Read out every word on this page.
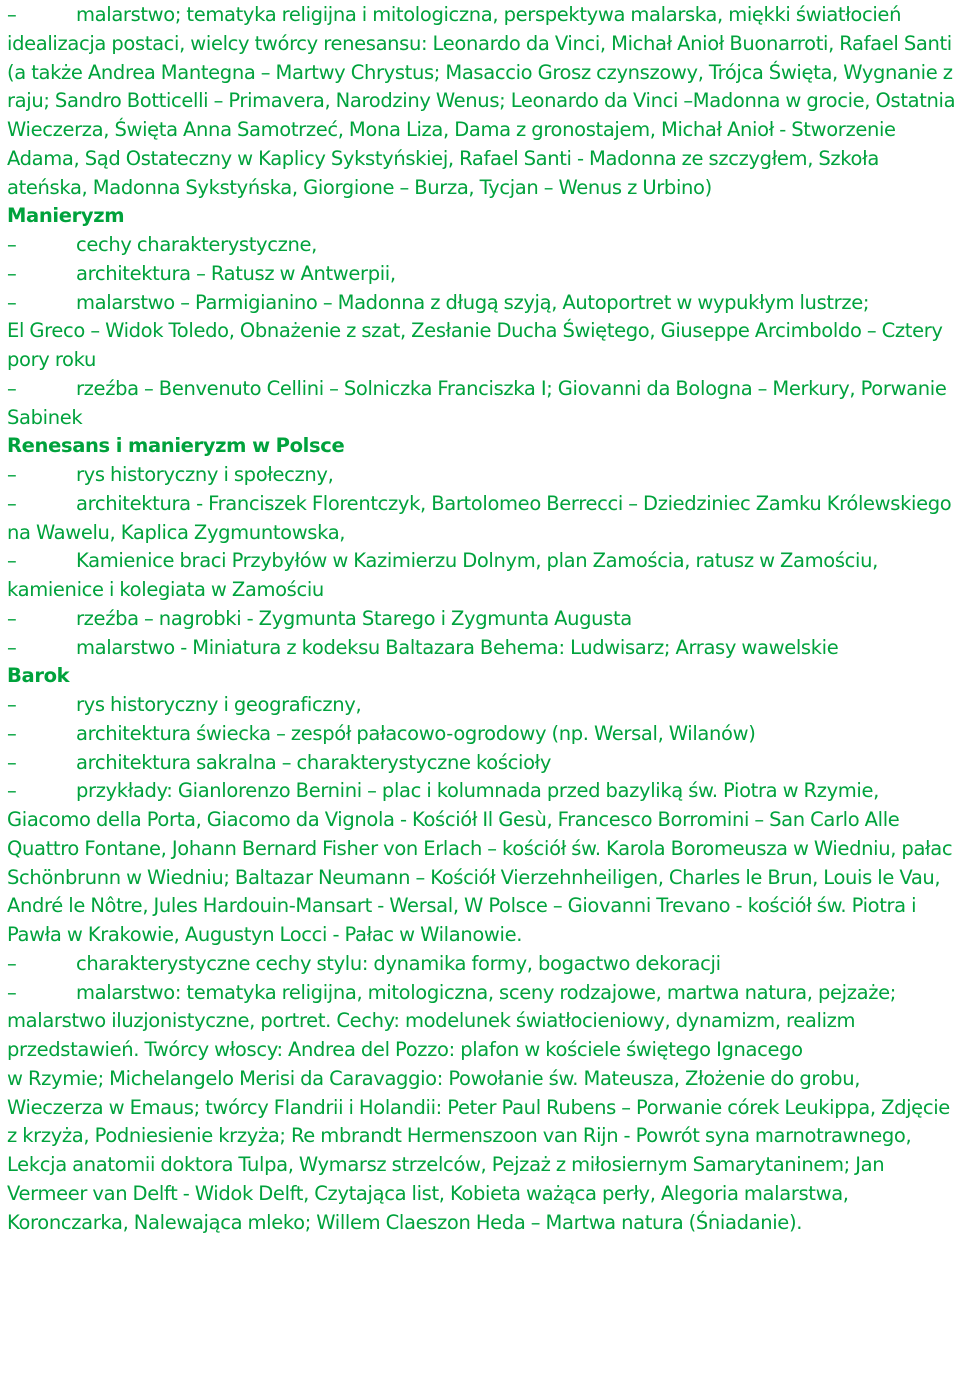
–	malarstwo; tematyka religijna i mitologiczna, perspektywa malarska, miękki światłocień idealizacja postaci, wielcy twórcy renesansu: Leonardo da Vinci, Michał Anioł Buonarroti, Rafael Santi (a także Andrea Mantegna – Martwy Chrystus; Masaccio Grosz czynszowy, Trójca Święta, Wygnanie z raju; Sandro Botticelli – Primavera, Narodziny Wenus; Leonardo da Vinci –Madonna w grocie, Ostatnia Wieczerza, Święta Anna Samotrzeć, Mona Liza, Dama z gronostajem, Michał Anioł - Stworzenie Adama, Sąd Ostateczny w Kaplicy Sykstyńskiej, Rafael Santi - Madonna ze szczygłem, Szkoła ateńska, Madonna Sykstyńska, Giorgione – Burza, Tycjan – Wenus z Urbino)
Manieryzm
–	cechy charakterystyczne,
–	architektura – Ratusz w Antwerpii,
–	malarstwo – Parmigianino – Madonna z długą szyją, Autoportret w wypukłym lustrze;
El Greco – Widok Toledo, Obnażenie z szat, Zesłanie Ducha Świętego, Giuseppe Arcimboldo – Cztery pory roku
–	rzeźba – Benvenuto Cellini – Solniczka Franciszka I; Giovanni da Bologna – Merkury, Porwanie Sabinek
Renesans i manieryzm w Polsce
–	rys historyczny i społeczny,
–	architektura - Franciszek Florentczyk, Bartolomeo Berrecci – Dziedziniec Zamku Królewskiego na Wawelu, Kaplica Zygmuntowska,
–	Kamienice braci Przybyłów w Kazimierzu Dolnym, plan Zamościa, ratusz w Zamościu, kamienice i kolegiata w Zamościu
–	rzeźba – nagrobki - Zygmunta Starego i Zygmunta Augusta
–	malarstwo - Miniatura z kodeksu Baltazara Behema: Ludwisarz; Arrasy wawelskie
Barok
–	rys historyczny i geograficzny,
–	architektura świecka – zespół pałacowo-ogrodowy (np. Wersal, Wilanów)
–	architektura sakralna – charakterystyczne kościoły
–	przykłady: Gianlorenzo Bernini – plac i kolumnada przed bazyliką św. Piotra w Rzymie, Giacomo della Porta, Giacomo da Vignola - Kościół Il Gesù, Francesco Borromini – San Carlo Alle Quattro Fontane, Johann Bernard Fisher von Erlach – kościół św. Karola Boromeusza w Wiedniu, pałac Schönbrunn w Wiedniu; Baltazar Neumann – Kościół Vierzehnheiligen, Charles le Brun, Louis le Vau, André le Nôtre, Jules Hardouin-Mansart - Wersal, W Polsce – Giovanni Trevano - kościół św. Piotra i Pawła w Krakowie, Augustyn Locci - Pałac w Wilanowie.
–	charakterystyczne cechy stylu: dynamika formy, bogactwo dekoracji
–	malarstwo: tematyka religijna, mitologiczna, sceny rodzajowe, martwa natura, pejzaże; malarstwo iluzjonistyczne, portret. Cechy: modelunek światłocieniowy, dynamizm, realizm przedstawień. Twórcy włoscy: Andrea del Pozzo: plafon w kościele świętego Ignacego
w Rzymie; Michelangelo Merisi da Caravaggio: Powołanie św. Mateusza, Złożenie do grobu, Wieczerza w Emaus; twórcy Flandrii i Holandii: Peter Paul Rubens – Porwanie córek Leukippa, Zdjęcie z krzyża, Podniesienie krzyża; Re mbrandt Hermenszoon van Rijn - Powrót syna marnotrawnego, Lekcja anatomii doktora Tulpa, Wymarsz strzelców, Pejzaż z miłosiernym Samarytaninem; Jan Vermeer van Delft - Widok Delft, Czytająca list, Kobieta ważąca perły, Alegoria malarstwa, Koronczarka, Nalewająca mleko; Willem Claeszon Heda – Martwa natura (Śniadanie).
